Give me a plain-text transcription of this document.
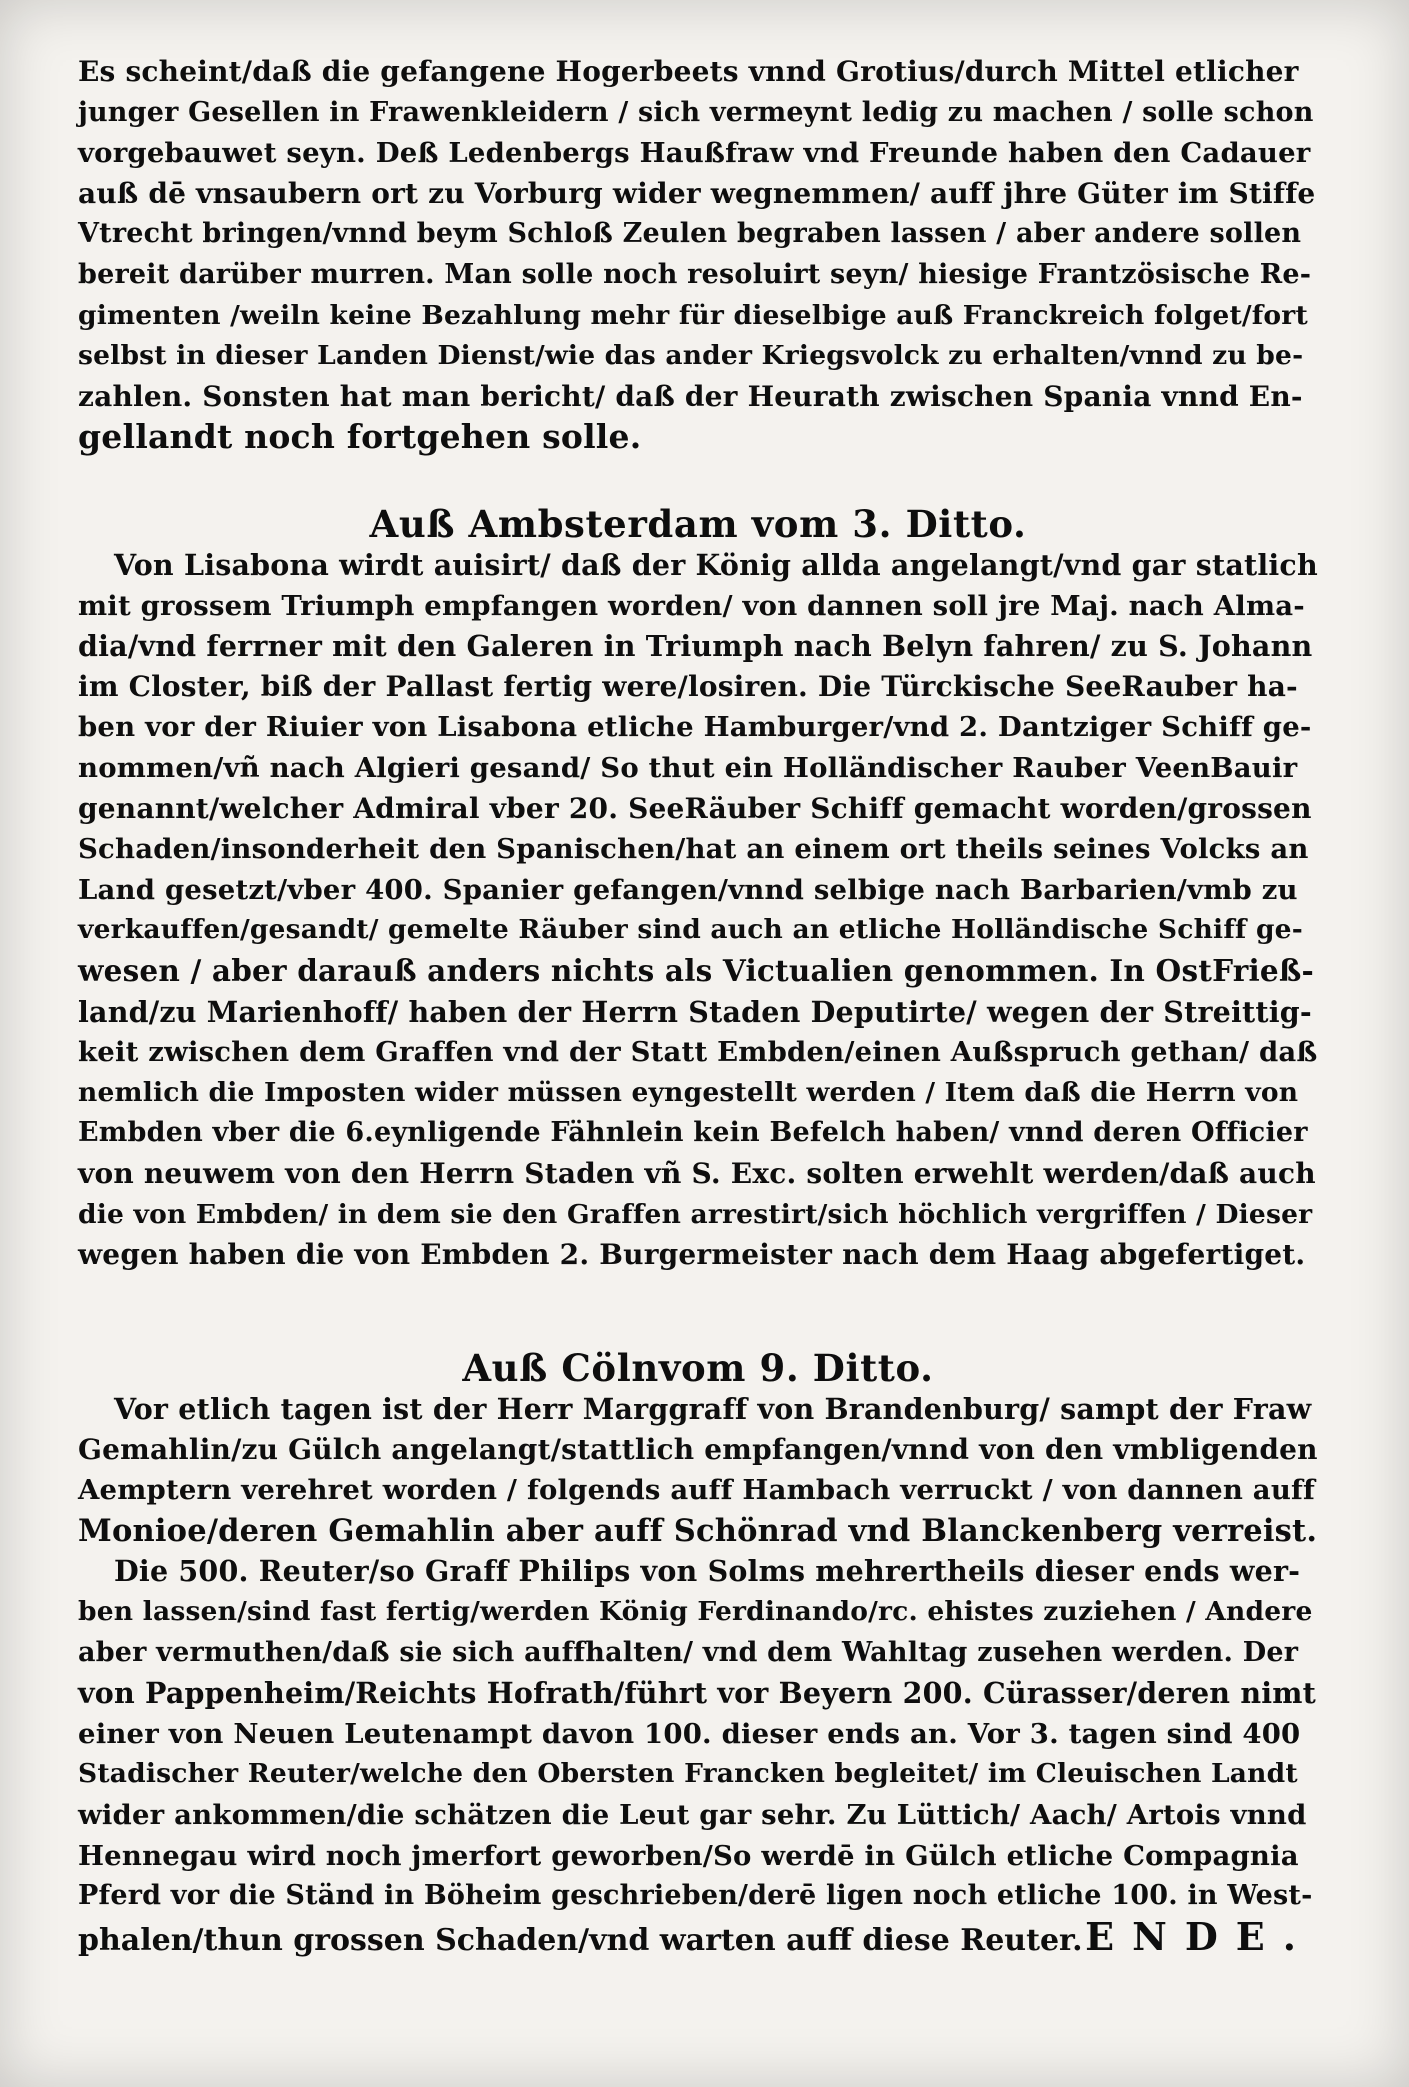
Es scheint/daß die gefangene Hogerbeets vnnd Grotius/durch Mittel etlicher
junger Gesellen in Frawenkleidern / sich vermeynt ledig zu machen / solle schon
vorgebauwet seyn. Deß Ledenbergs Haußfraw vnd Freunde haben den Cadauer
auß dē vnsaubern ort zu Vorburg wider wegnemmen/ auff jhre Güter im Stiffe
Vtrecht bringen/vnnd beym Schloß Zeulen begraben lassen / aber andere sollen
bereit darüber murren. Man solle noch resoluirt seyn/ hiesige Frantzösische Re-
gimenten /weiln keine Bezahlung mehr für dieselbige auß Franckreich folget/fort
selbst in dieser Landen Dienst/wie das ander Kriegsvolck zu erhalten/vnnd zu be-
zahlen. Sonsten hat man bericht/ daß der Heurath zwischen Spania vnnd En-
gellandt noch fortgehen solle.
Auß Ambsterdam vom 3. Ditto.
Von Lisabona wirdt auisirt/ daß der König allda angelangt/vnd gar statlich
mit grossem Triumph empfangen worden/ von dannen soll jre Maj. nach Alma-
dia/vnd ferrner mit den Galeren in Triumph nach Belyn fahren/ zu S. Johann
im Closter, biß der Pallast fertig were/losiren. Die Türckische SeeRauber ha-
ben vor der Riuier von Lisabona etliche Hamburger/vnd 2. Dantziger Schiff ge-
nommen/vñ nach Algieri gesand/ So thut ein Holländischer Rauber VeenBauir
genannt/welcher Admiral vber 20. SeeRäuber Schiff gemacht worden/grossen
Schaden/insonderheit den Spanischen/hat an einem ort theils seines Volcks an
Land gesetzt/vber 400. Spanier gefangen/vnnd selbige nach Barbarien/vmb zu
verkauffen/gesandt/ gemelte Räuber sind auch an etliche Holländische Schiff ge-
wesen / aber darauß anders nichts als Victualien genommen. In OstFrieß-
land/zu Marienhoff/ haben der Herrn Staden Deputirte/ wegen der Streittig-
keit zwischen dem Graffen vnd der Statt Embden/einen Außspruch gethan/ daß
nemlich die Imposten wider müssen eyngestellt werden / Item daß die Herrn von
Embden vber die 6.eynligende Fähnlein kein Befelch haben/ vnnd deren Officier
von neuwem von den Herrn Staden vñ S. Exc. solten erwehlt werden/daß auch
die von Embden/ in dem sie den Graffen arrestirt/sich höchlich vergriffen / Dieser
wegen haben die von Embden 2. Burgermeister nach dem Haag abgefertiget.
Auß Cölnvom 9. Ditto.
Vor etlich tagen ist der Herr Marggraff von Brandenburg/ sampt der Fraw
Gemahlin/zu Gülch angelangt/stattlich empfangen/vnnd von den vmbligenden
Aemptern verehret worden / folgends auff Hambach verruckt / von dannen auff
Monioe/deren Gemahlin aber auff Schönrad vnd Blanckenberg verreist.
Die 500. Reuter/so Graff Philips von Solms mehrertheils dieser ends wer-
ben lassen/sind fast fertig/werden König Ferdinando/rc. ehistes zuziehen / Andere
aber vermuthen/daß sie sich auffhalten/ vnd dem Wahltag zusehen werden. Der
von Pappenheim/Reichts Hofrath/führt vor Beyern 200. Cürasser/deren nimt
einer von Neuen Leutenampt davon 100. dieser ends an. Vor 3. tagen sind 400
Stadischer Reuter/welche den Obersten Francken begleitet/ im Cleuischen Landt
wider ankommen/die schätzen die Leut gar sehr. Zu Lüttich/ Aach/ Artois vnnd
Hennegau wird noch jmerfort geworben/So werdē in Gülch etliche Compagnia
Pferd vor die Ständ in Böheim geschrieben/derē ligen noch etliche 100. in West-
phalen/thun grossen Schaden/vnd warten auff diese Reuter. ENDE.
